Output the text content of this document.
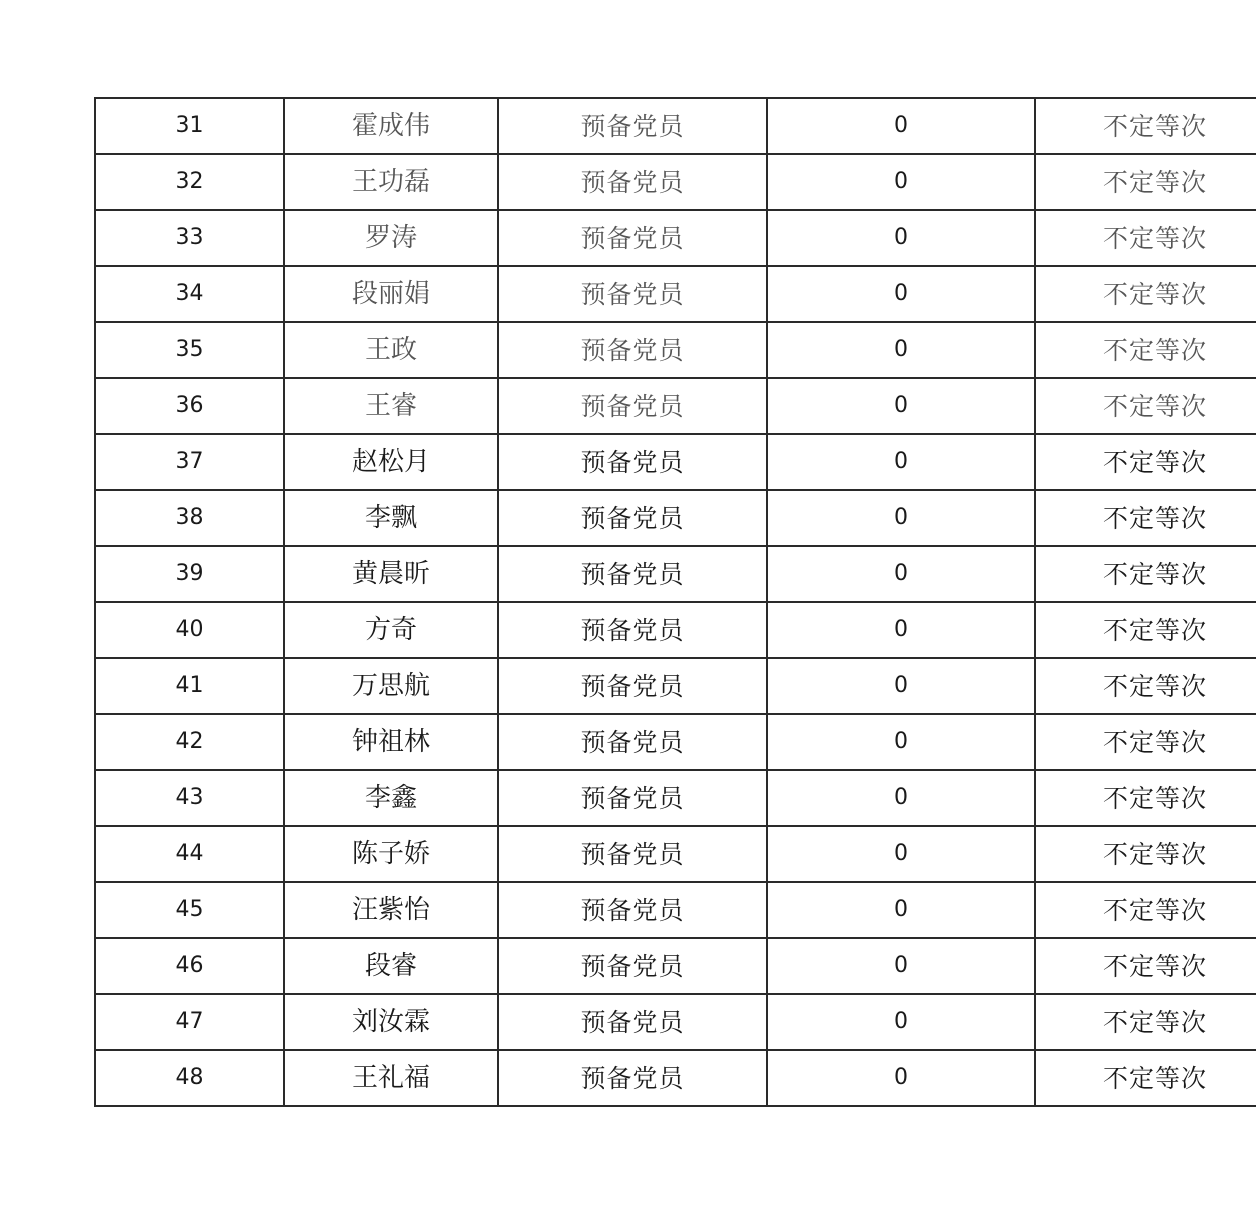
31	霍成伟	预备党员	0	不定等次
32	王功磊	预备党员	0	不定等次
33	罗涛	预备党员	0	不定等次
34	段丽娟	预备党员	0	不定等次
35	王政	预备党员	0	不定等次
36	王睿	预备党员	0	不定等次
37	赵松月	预备党员	0	不定等次
38	李飘	预备党员	0	不定等次
39	黄晨昕	预备党员	0	不定等次
40	方奇	预备党员	0	不定等次
41	万思航	预备党员	0	不定等次
42	钟祖林	预备党员	0	不定等次
43	李鑫	预备党员	0	不定等次
44	陈子娇	预备党员	0	不定等次
45	汪紫怡	预备党员	0	不定等次
46	段睿	预备党员	0	不定等次
47	刘汝霖	预备党员	0	不定等次
48	王礼福	预备党员	0	不定等次
